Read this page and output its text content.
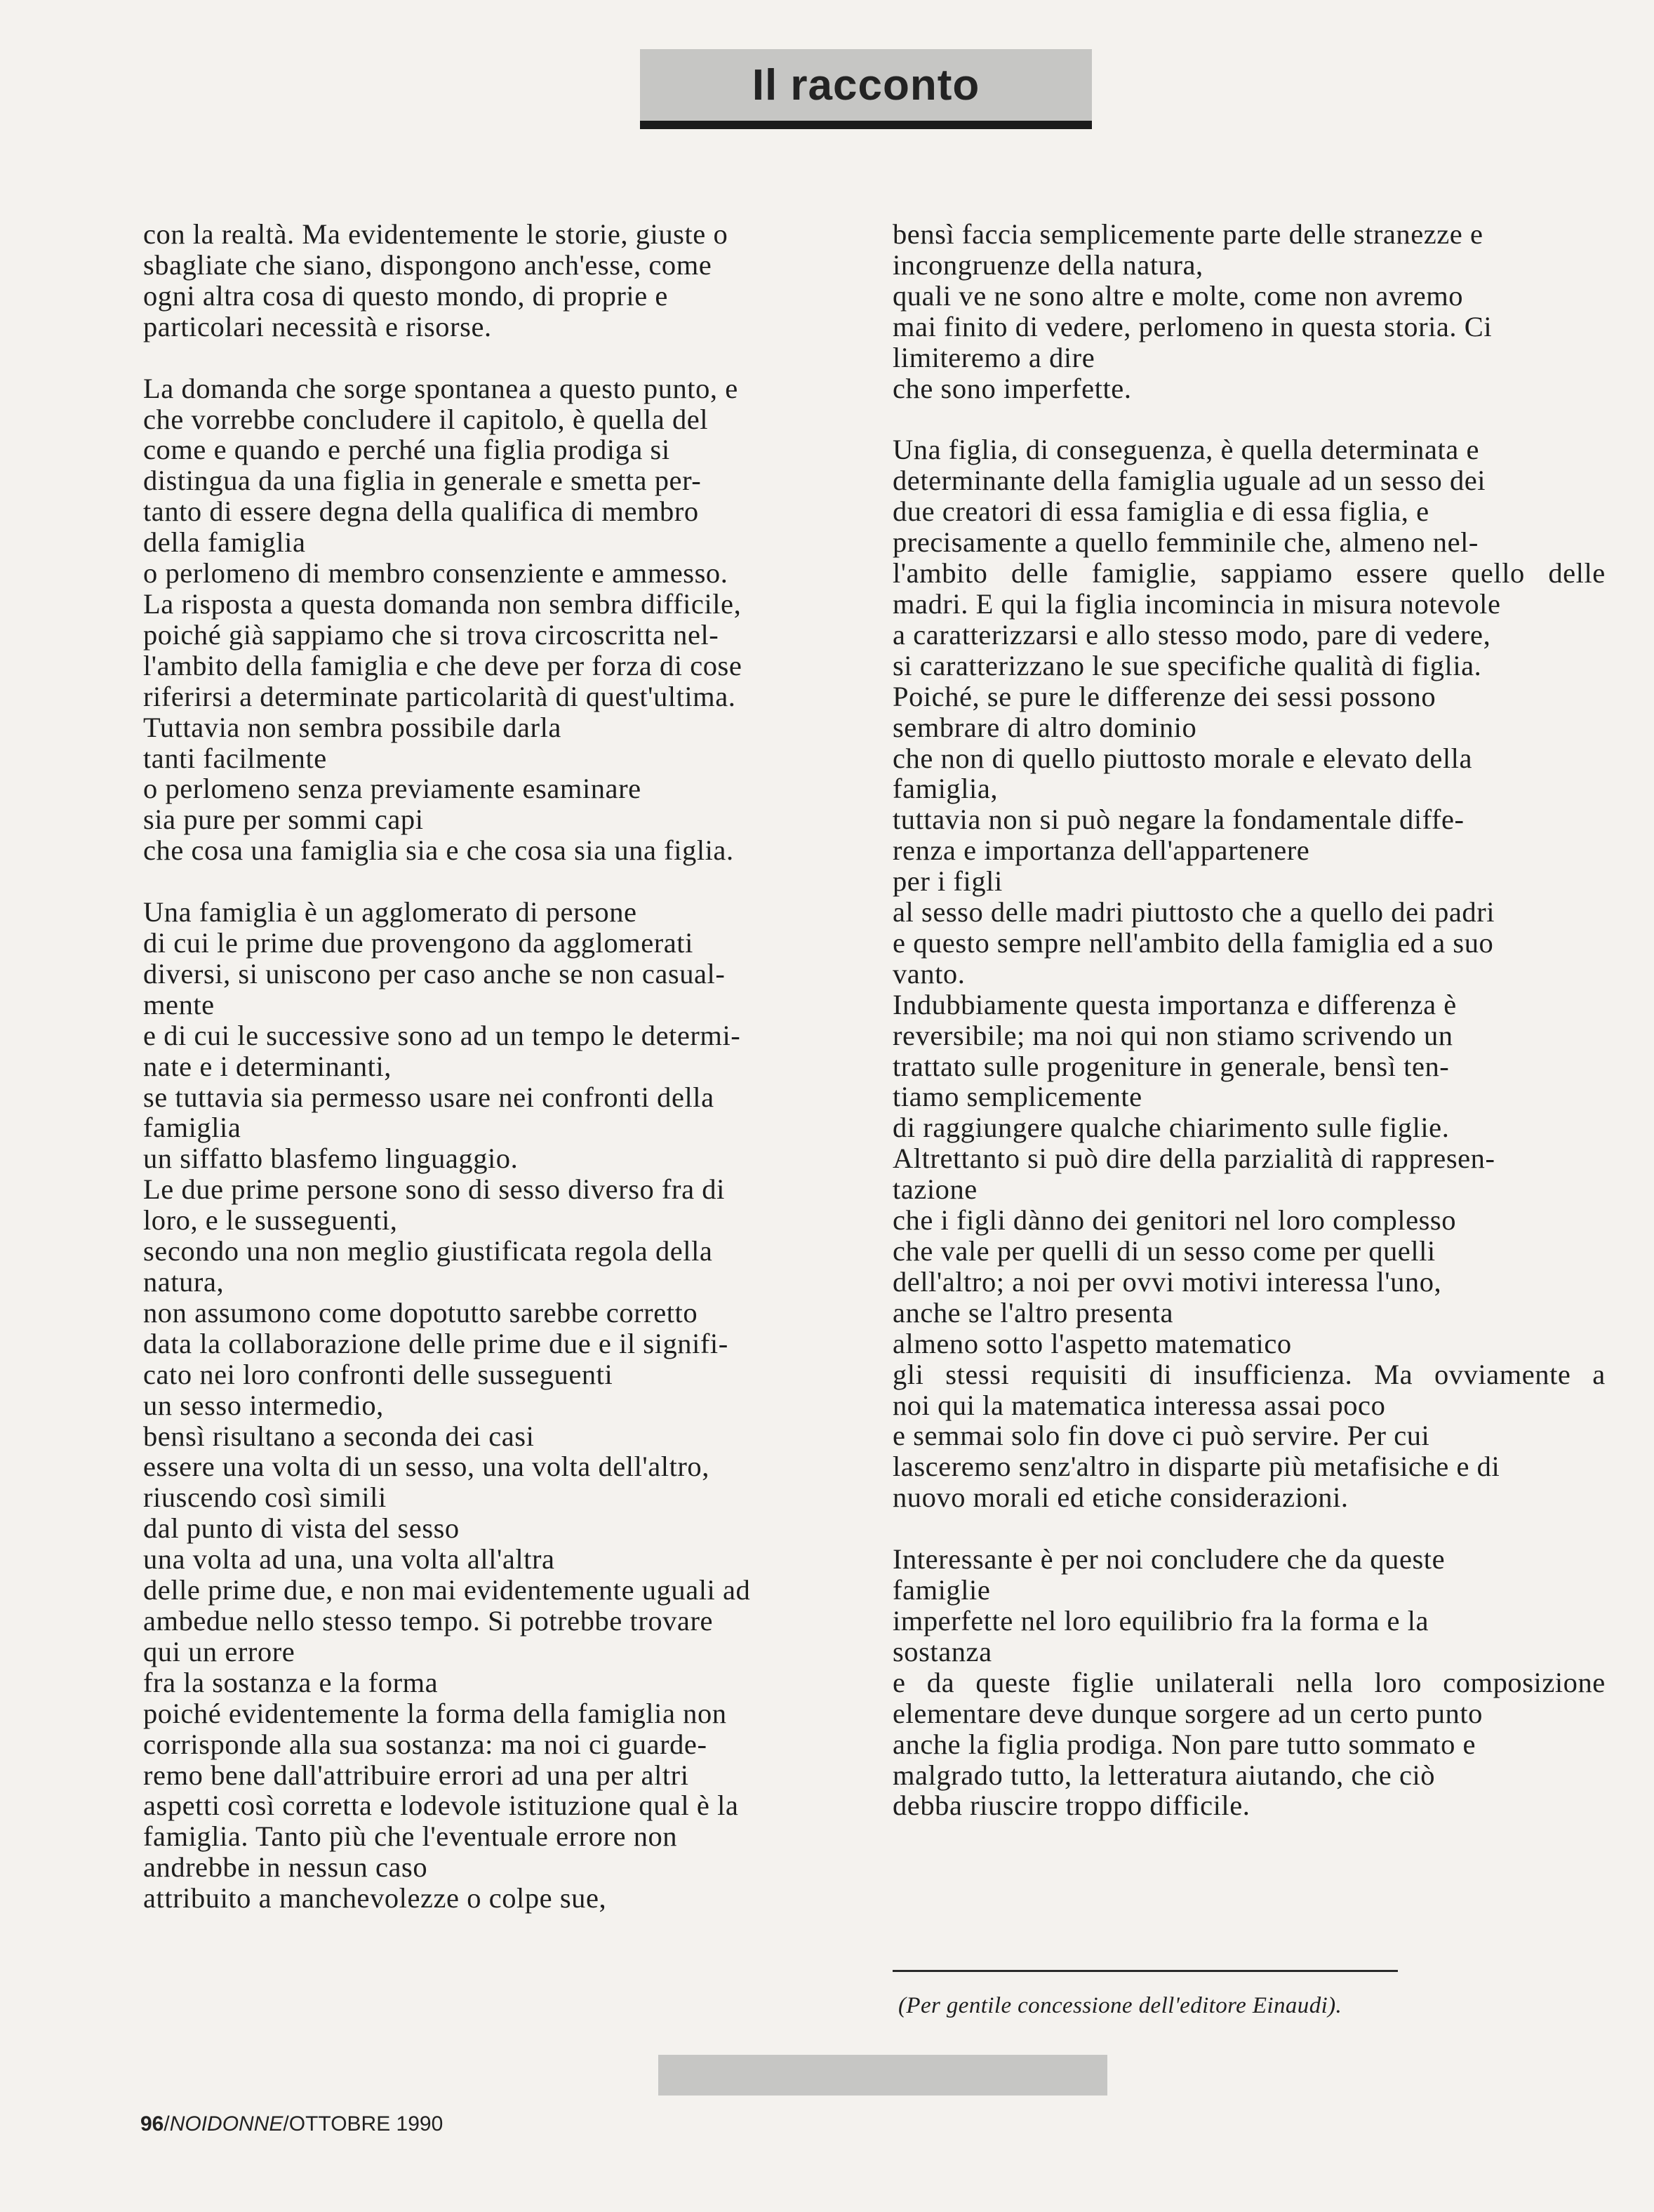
Il racconto

con la realtà. Ma evidentemente le storie, giuste o

sbagliate che siano, dispongono anch'esse, come

ogni altra cosa di questo mondo, di proprie e

particolari necessità e risorse.

La domanda che sorge spontanea a questo punto, e

che vorrebbe concludere il capitolo, è quella del

come e quando e perché una figlia prodiga si

distingua da una figlia in generale e smetta per-

tanto di essere degna della qualifica di membro

della famiglia

o perlomeno di membro consenziente e ammesso.

La risposta a questa domanda non sembra difficile,

poiché già sappiamo che si trova circoscritta nel-

l'ambito della famiglia e che deve per forza di cose

riferirsi a determinate particolarità di quest'ultima.

Tuttavia non sembra possibile darla

tanti facilmente

o perlomeno senza previamente esaminare

sia pure per sommi capi

che cosa una famiglia sia e che cosa sia una figlia.

Una famiglia è un agglomerato di persone

di cui le prime due provengono da agglomerati

diversi, si uniscono per caso anche se non casual-

mente

e di cui le successive sono ad un tempo le determi-

nate e i determinanti,

se tuttavia sia permesso usare nei confronti della

famiglia

un siffatto blasfemo linguaggio.

Le due prime persone sono di sesso diverso fra di

loro, e le susseguenti,

secondo una non meglio giustificata regola della

natura,

non assumono come dopotutto sarebbe corretto

data la collaborazione delle prime due e il signifi-

cato nei loro confronti delle susseguenti

un sesso intermedio,

bensì risultano a seconda dei casi

essere una volta di un sesso, una volta dell'altro,

riuscendo così simili

dal punto di vista del sesso

una volta ad una, una volta all'altra

delle prime due, e non mai evidentemente uguali ad

ambedue nello stesso tempo. Si potrebbe trovare

qui un errore

fra la sostanza e la forma

poiché evidentemente la forma della famiglia non

corrisponde alla sua sostanza: ma noi ci guarde-

remo bene dall'attribuire errori ad una per altri

aspetti così corretta e lodevole istituzione qual è la

famiglia. Tanto più che l'eventuale errore non

andrebbe in nessun caso

attribuito a manchevolezze o colpe sue,

bensì faccia semplicemente parte delle stranezze e

incongruenze della natura,

quali ve ne sono altre e molte, come non avremo

mai finito di vedere, perlomeno in questa storia. Ci

limiteremo a dire

che sono imperfette.

Una figlia, di conseguenza, è quella determinata e

determinante della famiglia uguale ad un sesso dei

due creatori di essa famiglia e di essa figlia, e

precisamente a quello femminile che, almeno nel-

l'ambito delle famiglie, sappiamo essere quello delle

madri. E qui la figlia incomincia in misura notevole

a caratterizzarsi e allo stesso modo, pare di vedere,

si caratterizzano le sue specifiche qualità di figlia.

Poiché, se pure le differenze dei sessi possono

sembrare di altro dominio

che non di quello piuttosto morale e elevato della

famiglia,

tuttavia non si può negare la fondamentale diffe-

renza e importanza dell'appartenere

per i figli

al sesso delle madri piuttosto che a quello dei padri

e questo sempre nell'ambito della famiglia ed a suo

vanto.

Indubbiamente questa importanza e differenza è

reversibile; ma noi qui non stiamo scrivendo un

trattato sulle progeniture in generale, bensì ten-

tiamo semplicemente

di raggiungere qualche chiarimento sulle figlie.

Altrettanto si può dire della parzialità di rappresen-

tazione

che i figli dànno dei genitori nel loro complesso

che vale per quelli di un sesso come per quelli

dell'altro; a noi per ovvi motivi interessa l'uno,

anche se l'altro presenta

almeno sotto l'aspetto matematico

gli stessi requisiti di insufficienza. Ma ovviamente a

noi qui la matematica interessa assai poco

e semmai solo fin dove ci può servire. Per cui

lasceremo senz'altro in disparte più metafisiche e di

nuovo morali ed etiche considerazioni.

Interessante è per noi concludere che da queste

famiglie

imperfette nel loro equilibrio fra la forma e la

sostanza

e da queste figlie unilaterali nella loro composizione

elementare deve dunque sorgere ad un certo punto

anche la figlia prodiga. Non pare tutto sommato e

malgrado tutto, la letteratura aiutando, che ciò

debba riuscire troppo difficile.

(Per gentile concessione dell'editore Einaudi).
96/NOIDONNE/OTTOBRE 1990
